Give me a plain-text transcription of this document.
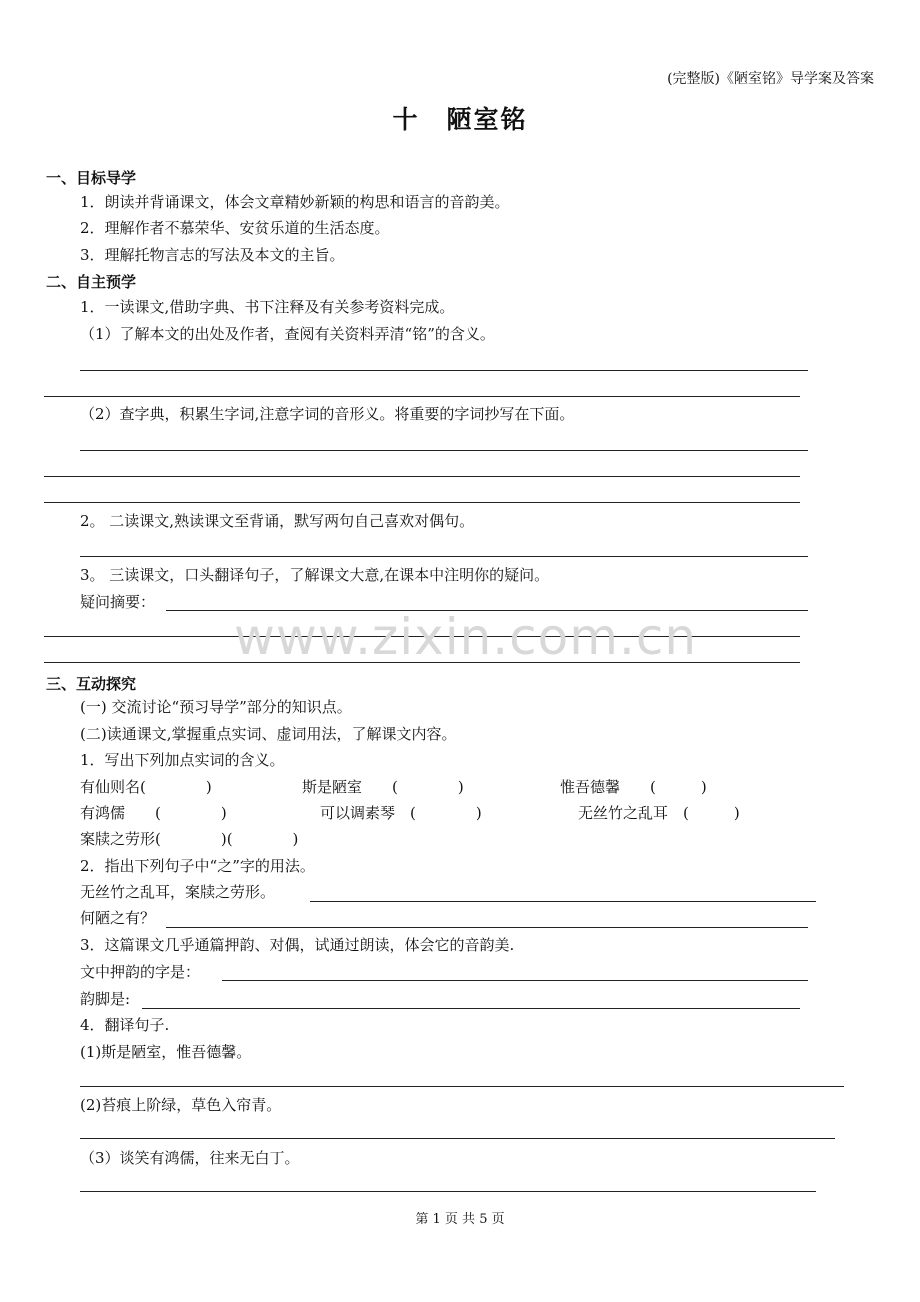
(完整版)《陋室铭》导学案及答案
十　陋室铭
一、目标导学
1．朗读并背诵课文，体会文章精妙新颖的构思和语言的音韵美。
2．理解作者不慕荣华、安贫乐道的生活态度。
3．理解托物言志的写法及本文的主旨。
二、自主预学
1．一读课文,借助字典、书下注释及有关参考资料完成。
（1）了解本文的出处及作者，查阅有关资料弄清“铭”的含义。
（2）查字典，积累生字词,注意字词的音形义。将重要的字词抄写在下面。
2。 二读课文,熟读课文至背诵，默写两句自己喜欢对偶句。
3。 三读课文，口头翻译句子，了解课文大意,在课本中注明你的疑问。
疑问摘要：
www.zixin.com.cn
三、互动探究
(一) 交流讨论“预习导学”部分的知识点。
(二)读通课文,掌握重点实词、虚词用法，了解课文内容。
1．写出下列加点实词的含义。
有仙则名(　　　　)	斯是陋室　　(　　　　)	惟吾德馨　　(　　　)
有鸿儒　　(　　　　)	可以调素琴　(　　　　)	无丝竹之乱耳　(　　　)
案牍之劳形(　　　　)(　　　　)
2．指出下列句子中“之”字的用法。
无丝竹之乱耳，案牍之劳形。
何陋之有？
3．这篇课文几乎通篇押韵、对偶，试通过朗读，体会它的音韵美.
文中押韵的字是：
韵脚是:
4．翻译句子.
(1)斯是陋室，惟吾德馨。
(2)苔痕上阶绿，草色入帘青。
（3）谈笑有鸿儒，往来无白丁。
第 1 页 共 5 页
